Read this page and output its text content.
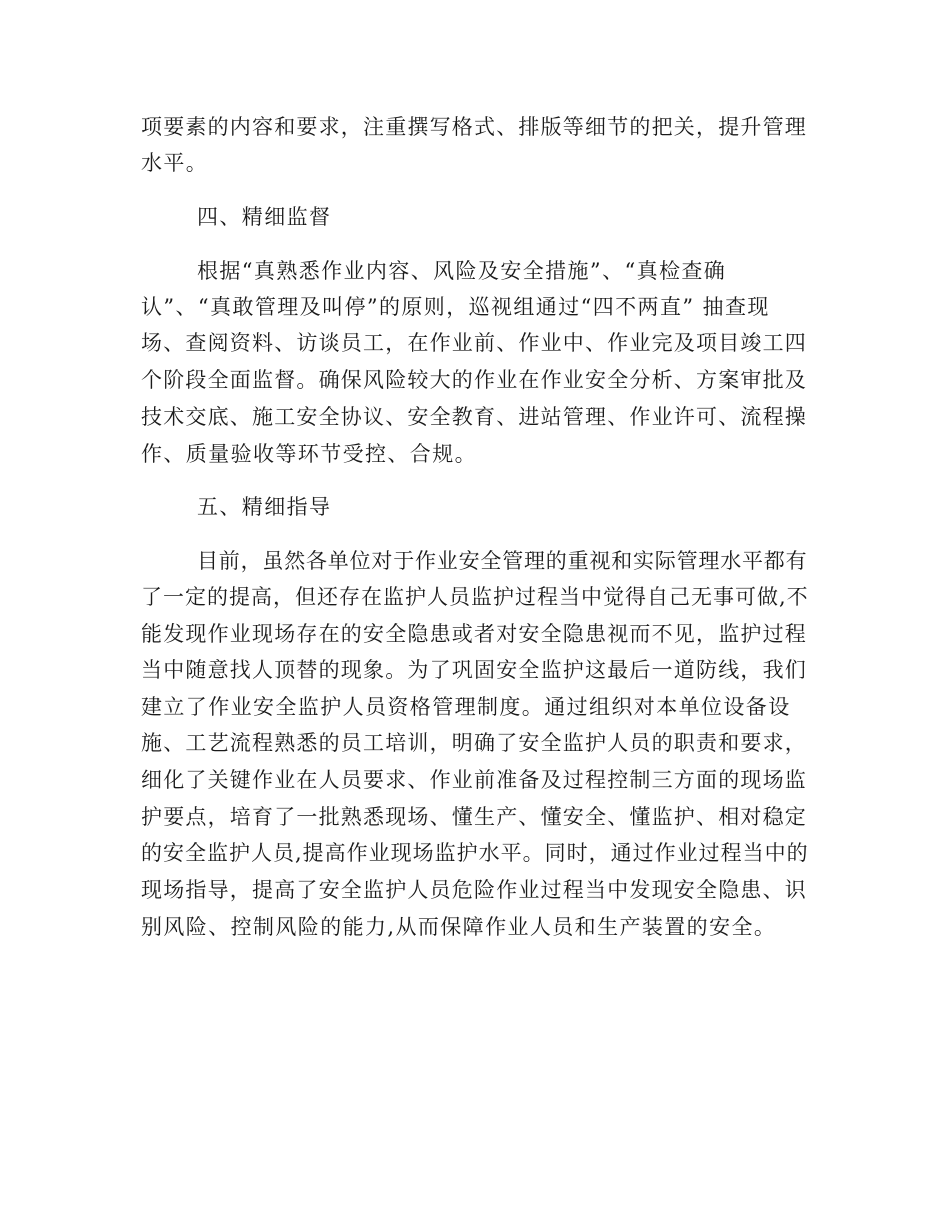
项要素的内容和要求，注重撰写格式、排版等细节的把关，提升管理
水平。
四、精细监督
根据“真熟悉作业内容、风险及安全措施”、“真检查确
认”、“真敢管理及叫停”的原则，巡视组通过“四不两直” 抽查现
场、查阅资料、访谈员工，在作业前、作业中、作业完及项目竣工四
个阶段全面监督。确保风险较大的作业在作业安全分析、方案审批及
技术交底、施工安全协议、安全教育、进站管理、作业许可、流程操
作、质量验收等环节受控、合规。
五、精细指导
目前，虽然各单位对于作业安全管理的重视和实际管理水平都有
了一定的提高，但还存在监护人员监护过程当中觉得自己无事可做,不
能发现作业现场存在的安全隐患或者对安全隐患视而不见，监护过程
当中随意找人顶替的现象。为了巩固安全监护这最后一道防线，我们
建立了作业安全监护人员资格管理制度。通过组织对本单位设备设
施、工艺流程熟悉的员工培训，明确了安全监护人员的职责和要求，
细化了关键作业在人员要求、作业前准备及过程控制三方面的现场监
护要点，培育了一批熟悉现场、懂生产、懂安全、懂监护、相对稳定
的安全监护人员,提高作业现场监护水平。同时，通过作业过程当中的
现场指导，提高了安全监护人员危险作业过程当中发现安全隐患、识
别风险、控制风险的能力,从而保障作业人员和生产装置的安全。
